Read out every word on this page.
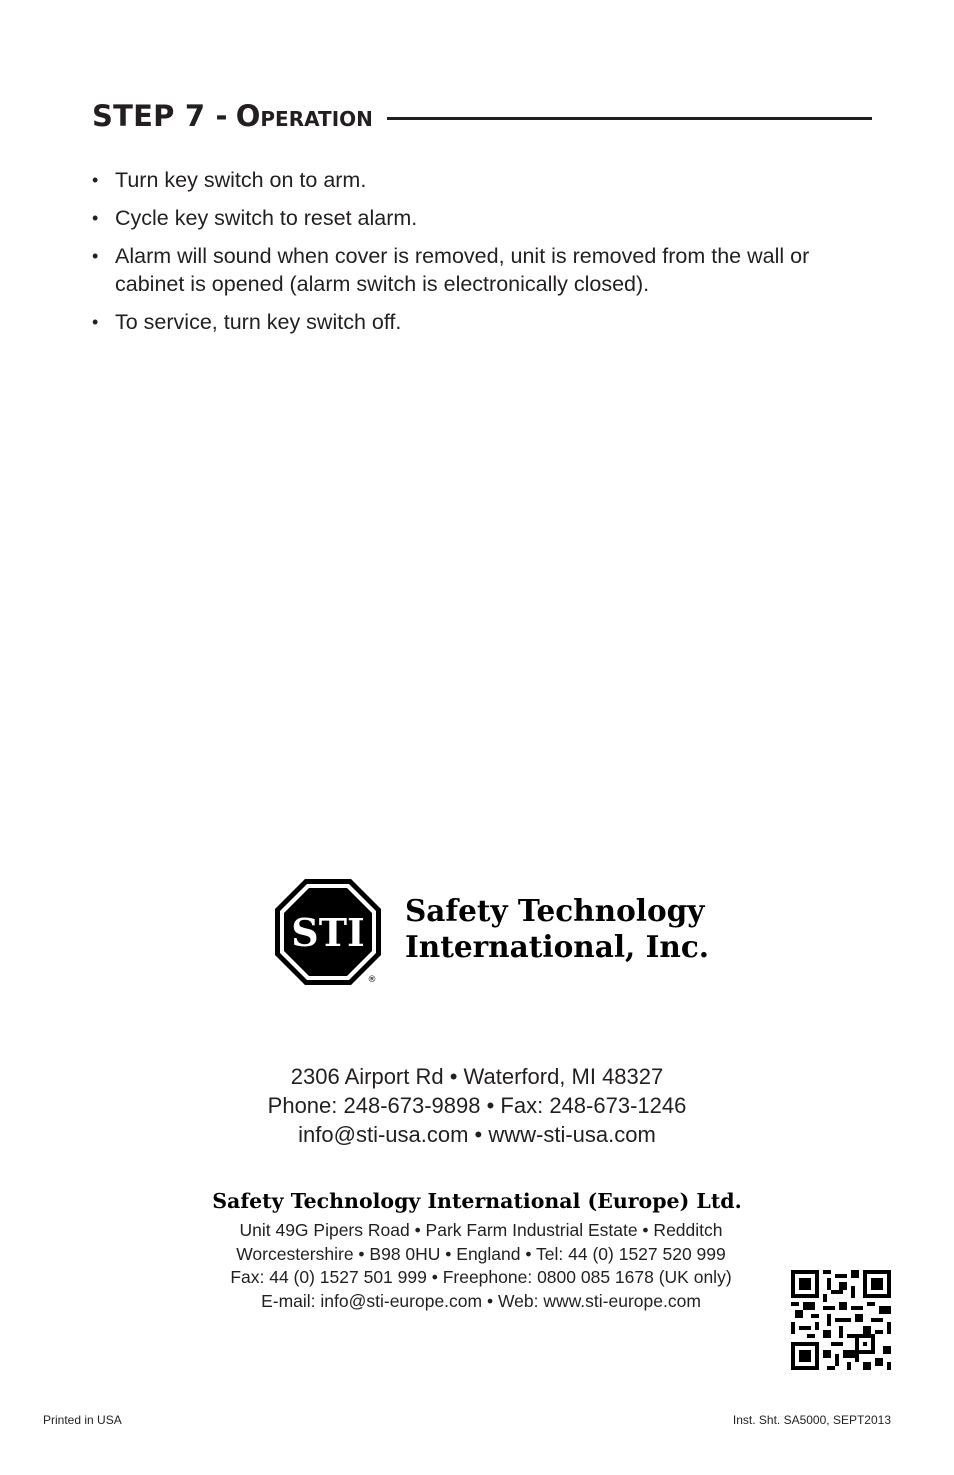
STEP 7 - Operation
• Turn key switch on to arm.
• Cycle key switch to reset alarm.
• Alarm will sound when cover is removed, unit is removed from the wall or cabinet is opened (alarm switch is electronically closed).
• To service, turn key switch off.
STI
®
Safety Technology
International, Inc.
2306 Airport Rd • Waterford, MI 48327
Phone: 248-673-9898 • Fax: 248-673-1246
info@sti-usa.com • www-sti-usa.com
Safety Technology International (Europe) Ltd.
Unit 49G Pipers Road • Park Farm Industrial Estate • Redditch
Worcestershire • B98 0HU • England • Tel: 44 (0) 1527 520 999
Fax: 44 (0) 1527 501 999 • Freephone: 0800 085 1678 (UK only)
E-mail: info@sti-europe.com • Web: www.sti-europe.com
Printed in USA	Inst. Sht. SA5000, SEPT2013
